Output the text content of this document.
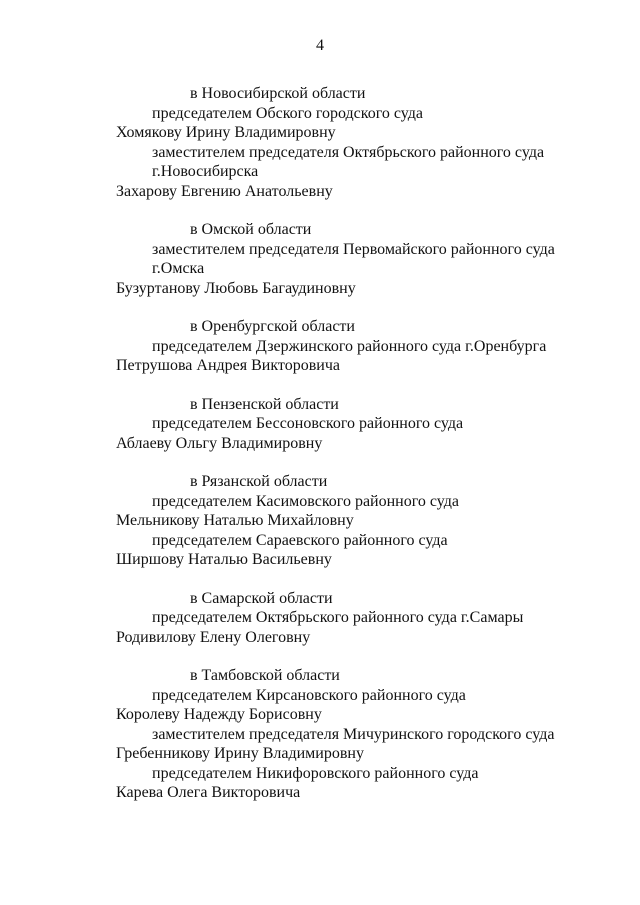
4
в Новосибирской области
председателем Обского городского суда
Хомякову Ирину Владимировну
заместителем председателя Октябрьского районного суда
г.Новосибирска
Захарову Евгению Анатольевну
в Омской области
заместителем председателя Первомайского районного суда
г.Омска
Бузуртанову Любовь Багаудиновну
в Оренбургской области
председателем Дзержинского районного суда г.Оренбурга
Петрушова Андрея Викторовича
в Пензенской области
председателем Бессоновского районного суда
Аблаеву Ольгу Владимировну
в Рязанской области
председателем Касимовского районного суда
Мельникову Наталью Михайловну
председателем Сараевского районного суда
Ширшову Наталью Васильевну
в Самарской области
председателем Октябрьского районного суда г.Самары
Родивилову Елену Олеговну
в Тамбовской области
председателем Кирсановского районного суда
Королеву Надежду Борисовну
заместителем председателя Мичуринского городского суда
Гребенникову Ирину Владимировну
председателем Никифоровского районного суда
Карева Олега Викторовича
